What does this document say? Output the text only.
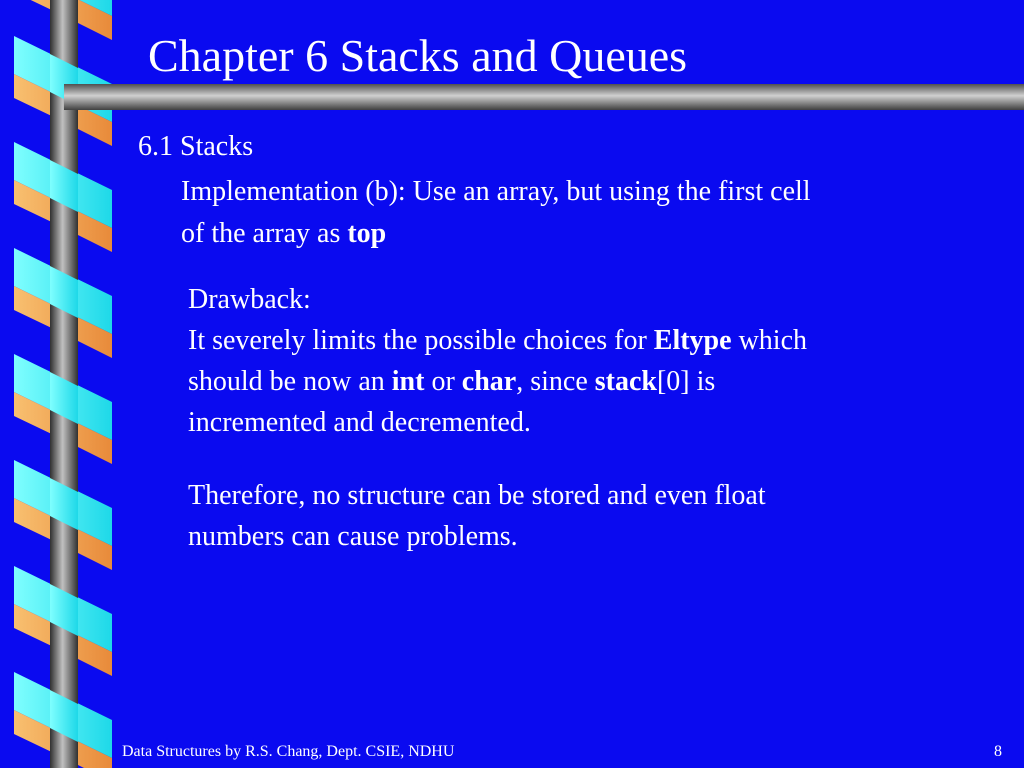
Chapter 6 Stacks and Queues
6.1 Stacks
Implementation (b): Use an array, but using the first cell
of the array as top
Drawback:
It severely limits the possible choices for Eltype which
should be now an int or char, since stack[0] is
incremented and decremented.
Therefore, no structure can be stored and even float
numbers can cause problems.
Data Structures by R.S. Chang, Dept. CSIE, NDHU	8
